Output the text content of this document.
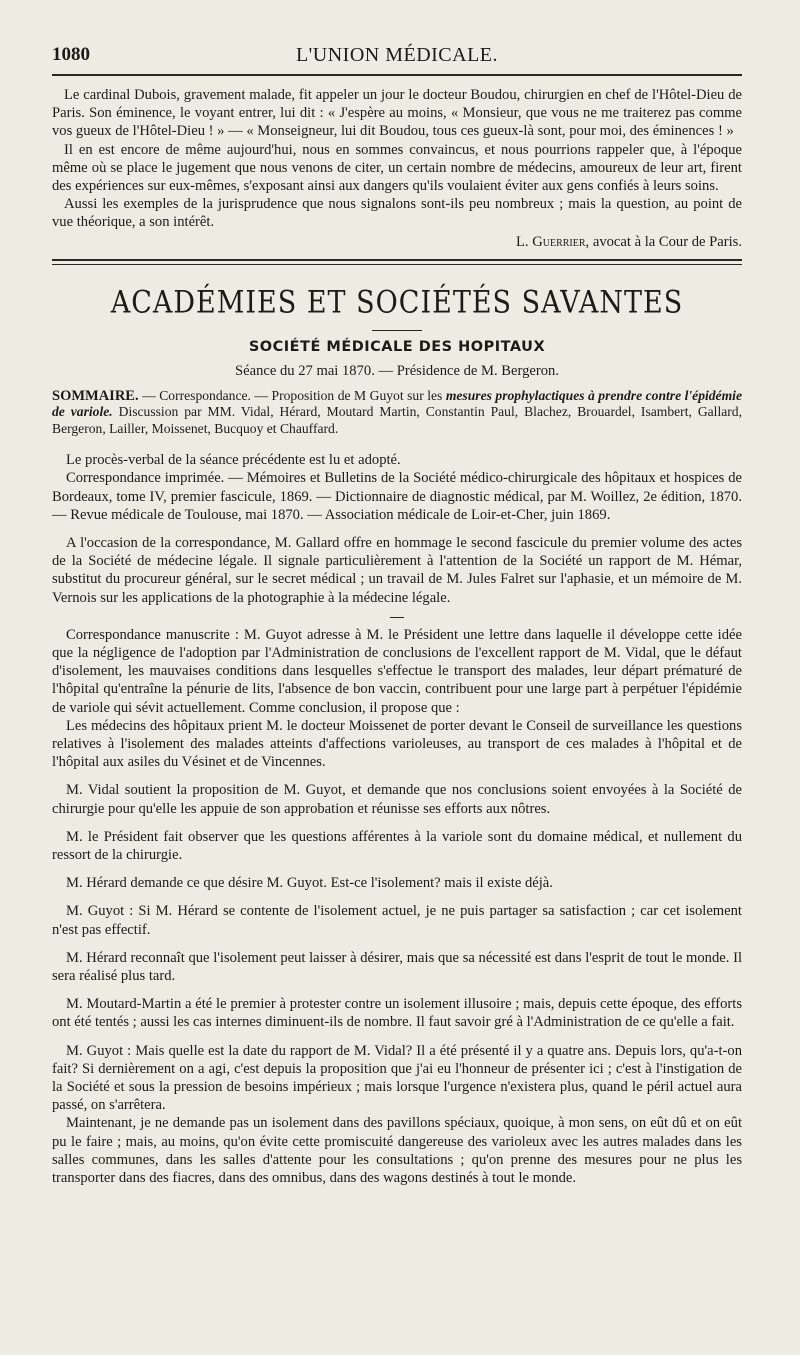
1080	L'UNION MÉDICALE.

Le cardinal Dubois, gravement malade, fit appeler un jour le docteur Boudou, chirurgien en chef de l'Hôtel-Dieu de Paris. Son éminence, le voyant entrer, lui dit : « J'espère au moins, « Monsieur, que vous ne me traiterez pas comme vos gueux de l'Hôtel-Dieu ! » — « Monseigneur, lui dit Boudou, tous ces gueux-là sont, pour moi, des éminences ! »

Il en est encore de même aujourd'hui, nous en sommes convaincus, et nous pourrions rappeler que, à l'époque même où se place le jugement que nous venons de citer, un certain nombre de médecins, amoureux de leur art, firent des expériences sur eux-mêmes, s'exposant ainsi aux dangers qu'ils voulaient éviter aux gens confiés à leurs soins.

Aussi les exemples de la jurisprudence que nous signalons sont-ils peu nombreux ; mais la question, au point de vue théorique, a son intérêt.

L. Guerrier, avocat à la Cour de Paris.
ACADÉMIES ET SOCIÉTÉS SAVANTES
SOCIÉTÉ MÉDICALE DES HOPITAUX
Séance du 27 mai 1870. — Présidence de M. Bergeron.
SOMMAIRE. — Correspondance. — Proposition de M Guyot sur les mesures prophylactiques à prendre contre l'épidémie de variole. Discussion par MM. Vidal, Hérard, Moutard Martin, Constantin Paul, Blachez, Brouardel, Isambert, Gallard, Bergeron, Lailler, Moissenet, Bucquoy et Chauffard.

Le procès-verbal de la séance précédente est lu et adopté.

Correspondance imprimée. — Mémoires et Bulletins de la Société médico-chirurgicale des hôpitaux et hospices de Bordeaux, tome IV, premier fascicule, 1869. — Dictionnaire de diagnostic médical, par M. Woillez, 2e édition, 1870. — Revue médicale de Toulouse, mai 1870. — Association médicale de Loir-et-Cher, juin 1869.

A l'occasion de la correspondance, M. Gallard offre en hommage le second fascicule du premier volume des actes de la Société de médecine légale. Il signale particulièrement à l'attention de la Société un rapport de M. Hémar, substitut du procureur général, sur le secret médical ; un travail de M. Jules Falret sur l'aphasie, et un mémoire de M. Vernois sur les applications de la photographie à la médecine légale.

Correspondance manuscrite : M. Guyot adresse à M. le Président une lettre dans laquelle il développe cette idée que la négligence de l'adoption par l'Administration de conclusions de l'excellent rapport de M. Vidal, que le défaut d'isolement, les mauvaises conditions dans lesquelles s'effectue le transport des malades, leur départ prématuré de l'hôpital qu'entraîne la pénurie de lits, l'absence de bon vaccin, contribuent pour une large part à perpétuer l'épidémie de variole qui sévit actuellement. Comme conclusion, il propose que :

Les médecins des hôpitaux prient M. le docteur Moissenet de porter devant le Conseil de surveillance les questions relatives à l'isolement des malades atteints d'affections varioleuses, au transport de ces malades à l'hôpital et de l'hôpital aux asiles du Vésinet et de Vincennes.

M. Vidal soutient la proposition de M. Guyot, et demande que nos conclusions soient envoyées à la Société de chirurgie pour qu'elle les appuie de son approbation et réunisse ses efforts aux nôtres.

M. le Président fait observer que les questions afférentes à la variole sont du domaine médical, et nullement du ressort de la chirurgie.

M. Hérard demande ce que désire M. Guyot. Est-ce l'isolement? mais il existe déjà.

M. Guyot : Si M. Hérard se contente de l'isolement actuel, je ne puis partager sa satisfaction ; car cet isolement n'est pas effectif.

M. Hérard reconnaît que l'isolement peut laisser à désirer, mais que sa nécessité est dans l'esprit de tout le monde. Il sera réalisé plus tard.

M. Moutard-Martin a été le premier à protester contre un isolement illusoire ; mais, depuis cette époque, des efforts ont été tentés ; aussi les cas internes diminuent-ils de nombre. Il faut savoir gré à l'Administration de ce qu'elle a fait.

M. Guyot : Mais quelle est la date du rapport de M. Vidal? Il a été présenté il y a quatre ans. Depuis lors, qu'a-t-on fait? Si dernièrement on a agi, c'est depuis la proposition que j'ai eu l'honneur de présenter ici ; c'est à l'instigation de la Société et sous la pression de besoins impérieux ; mais lorsque l'urgence n'existera plus, quand le péril actuel aura passé, on s'arrêtera.

Maintenant, je ne demande pas un isolement dans des pavillons spéciaux, quoique, à mon sens, on eût dû et on eût pu le faire ; mais, au moins, qu'on évite cette promiscuité dangereuse des varioleux avec les autres malades dans les salles communes, dans les salles d'attente pour les consultations ; qu'on prenne des mesures pour ne plus les transporter dans des fiacres, dans des omnibus, dans des wagons destinés à tout le monde.
